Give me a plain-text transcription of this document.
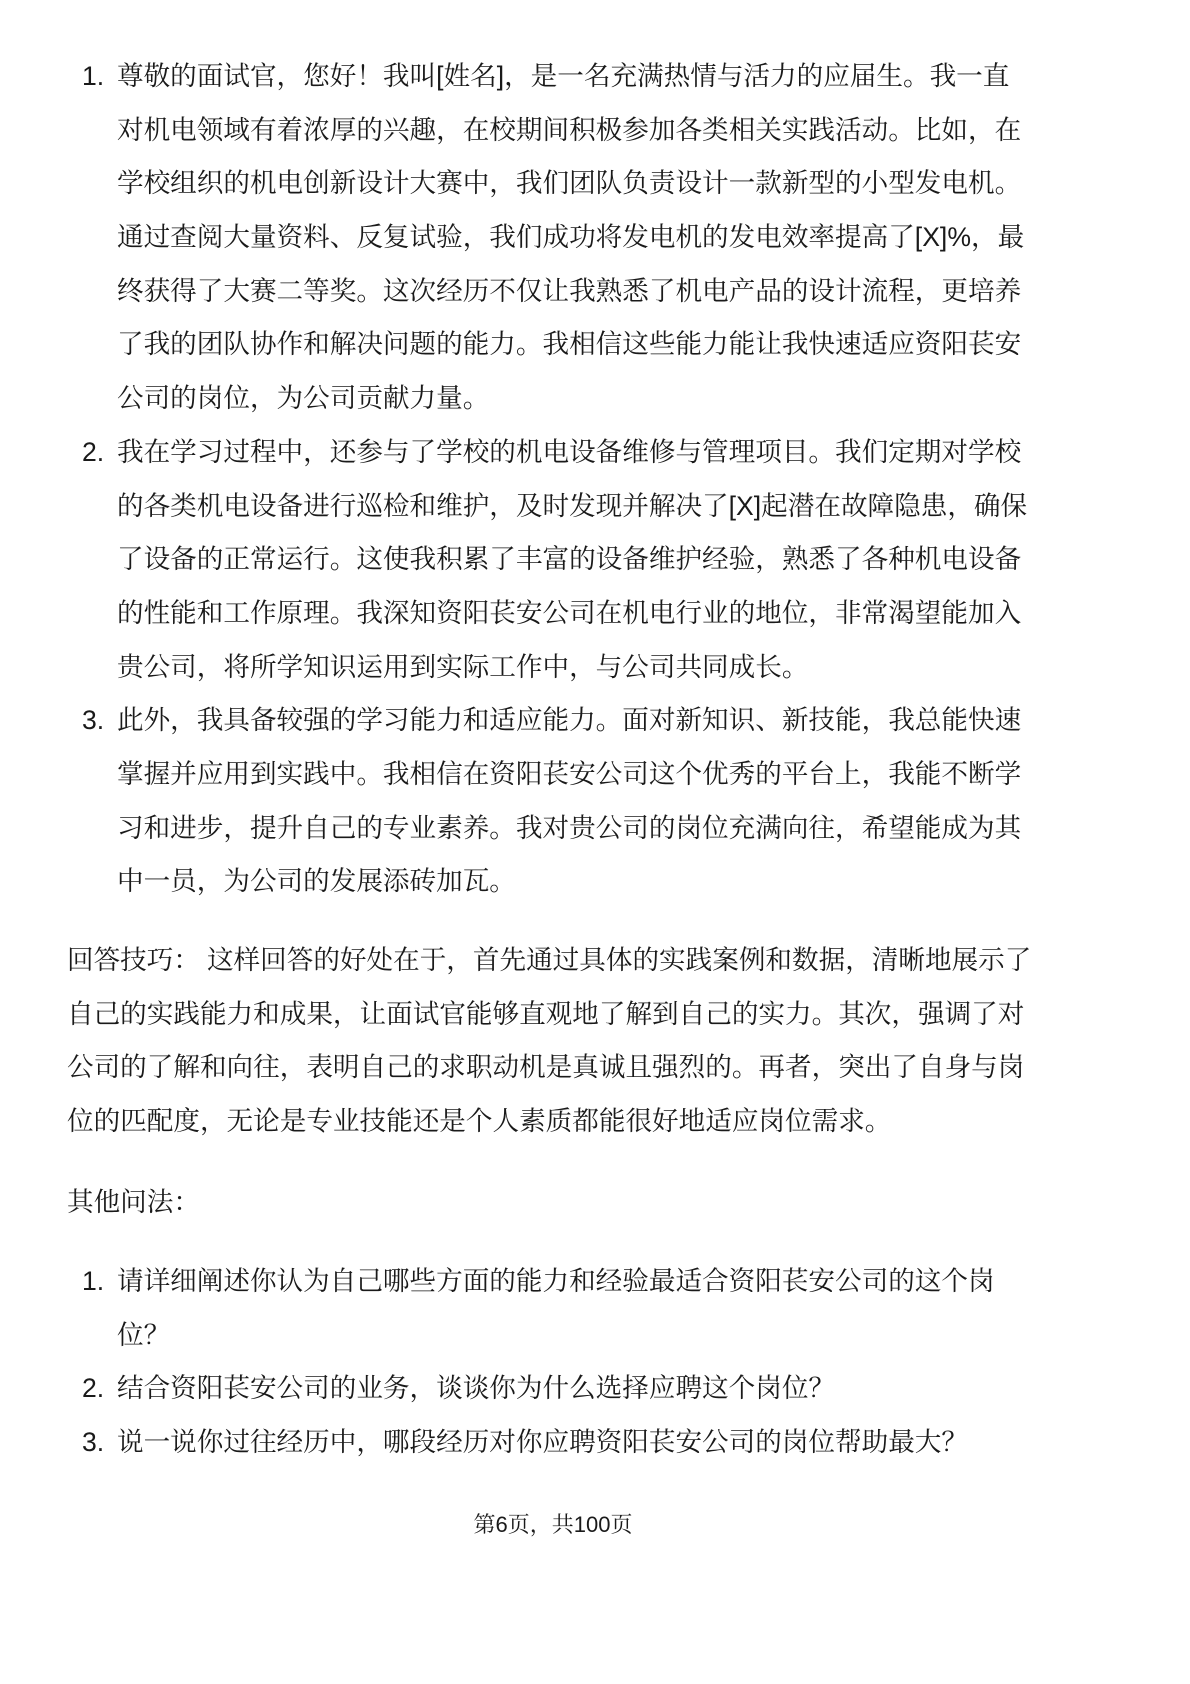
1. 尊敬的面试官，您好！我叫[姓名]，是一名充满热情与活力的应届生。我一直
对机电领域有着浓厚的兴趣，在校期间积极参加各类相关实践活动。比如，在
学校组织的机电创新设计大赛中，我们团队负责设计一款新型的小型发电机。
通过查阅大量资料、反复试验，我们成功将发电机的发电效率提高了[X]%，最
终获得了大赛二等奖。这次经历不仅让我熟悉了机电产品的设计流程，更培养
了我的团队协作和解决问题的能力。我相信这些能力能让我快速适应资阳苌安
公司的岗位，为公司贡献力量。
2. 我在学习过程中，还参与了学校的机电设备维修与管理项目。我们定期对学校
的各类机电设备进行巡检和维护，及时发现并解决了[X]起潜在故障隐患，确保
了设备的正常运行。这使我积累了丰富的设备维护经验，熟悉了各种机电设备
的性能和工作原理。我深知资阳苌安公司在机电行业的地位，非常渴望能加入
贵公司，将所学知识运用到实际工作中，与公司共同成长。
3. 此外，我具备较强的学习能力和适应能力。面对新知识、新技能，我总能快速
掌握并应用到实践中。我相信在资阳苌安公司这个优秀的平台上，我能不断学
习和进步，提升自己的专业素养。我对贵公司的岗位充满向往，希望能成为其
中一员，为公司的发展添砖加瓦。
回答技巧： 这样回答的好处在于，首先通过具体的实践案例和数据，清晰地展示了
自己的实践能力和成果，让面试官能够直观地了解到自己的实力。其次，强调了对
公司的了解和向往，表明自己的求职动机是真诚且强烈的。再者，突出了自身与岗
位的匹配度，无论是专业技能还是个人素质都能很好地适应岗位需求。
其他问法：
1. 请详细阐述你认为自己哪些方面的能力和经验最适合资阳苌安公司的这个岗
位？
2. 结合资阳苌安公司的业务，谈谈你为什么选择应聘这个岗位？
3. 说一说你过往经历中，哪段经历对你应聘资阳苌安公司的岗位帮助最大？
第6页，共100页
